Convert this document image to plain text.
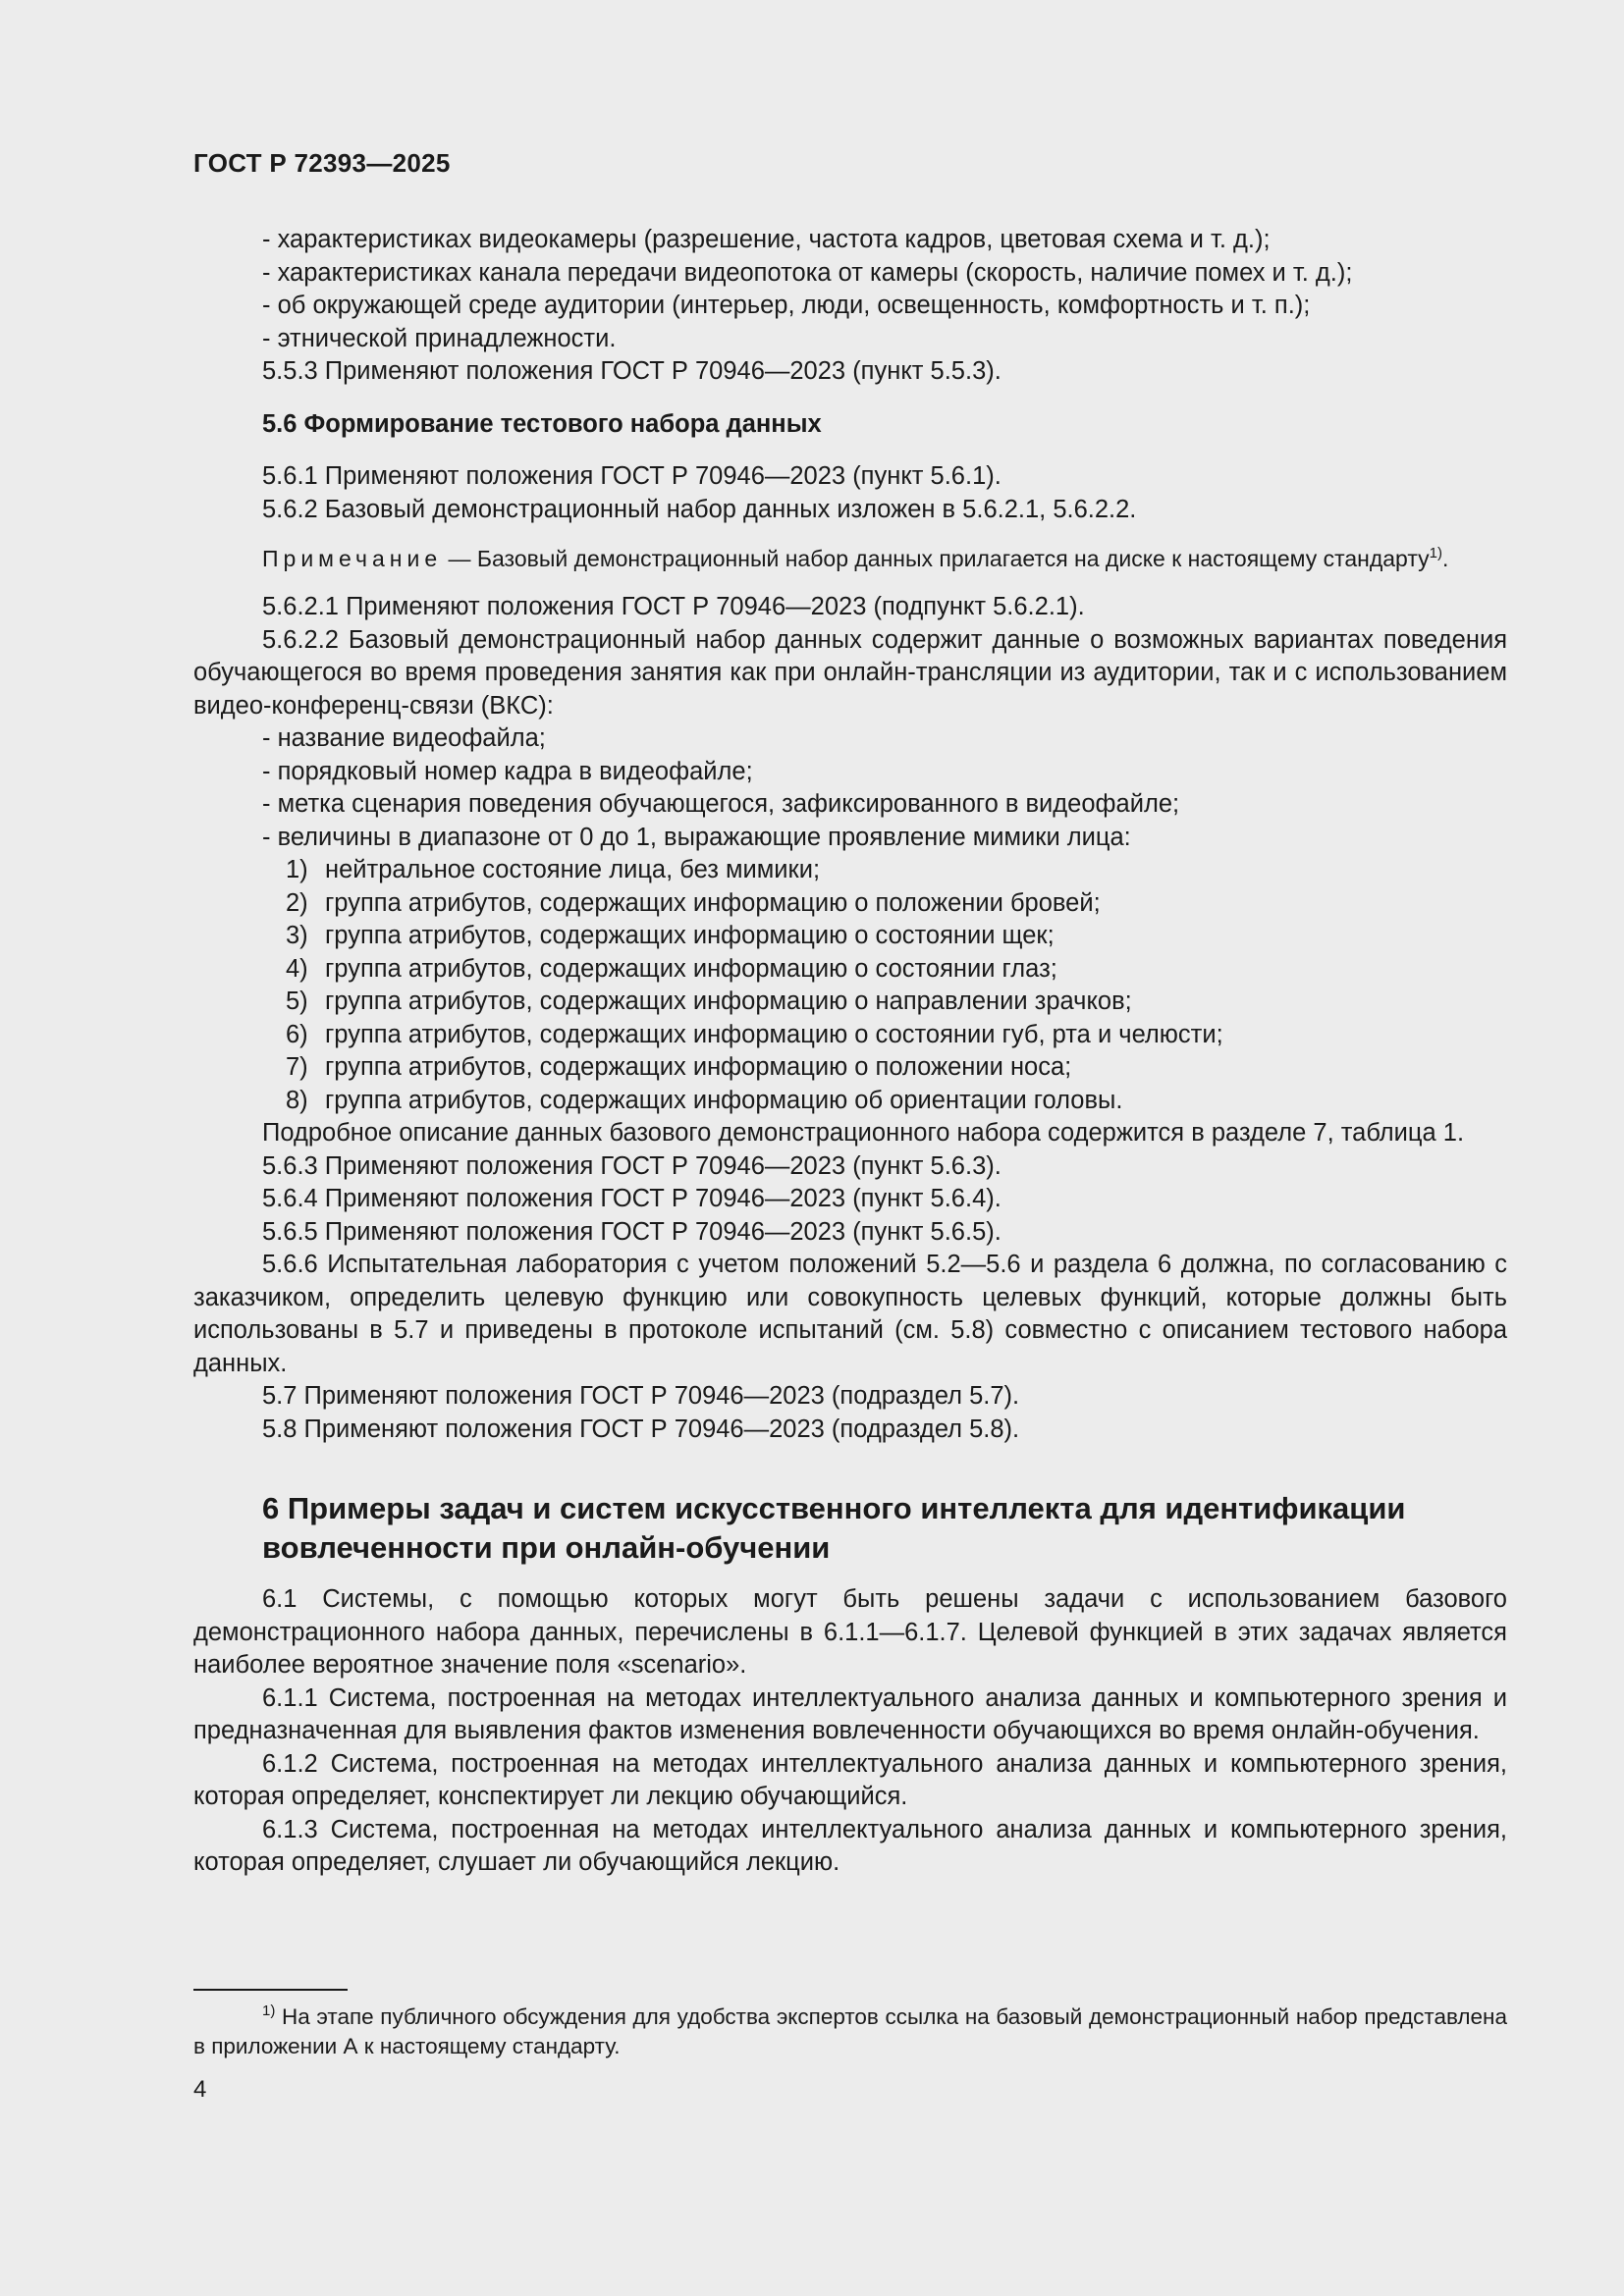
ГОСТ Р 72393—2025

- характеристиках видеокамеры (разрешение, частота кадров, цветовая схема и т. д.);

- характеристиках канала передачи видеопотока от камеры (скорость, наличие помех и т. д.);

- об окружающей среде аудитории (интерьер, люди, освещенность, комфортность и т. п.);

- этнической принадлежности.

5.5.3 Применяют положения ГОСТ Р 70946—2023 (пункт 5.5.3).

5.6 Формирование тестового набора данных

5.6.1 Применяют положения ГОСТ Р 70946—2023 (пункт 5.6.1).

5.6.2 Базовый демонстрационный набор данных изложен в 5.6.2.1, 5.6.2.2.

Примечание — Базовый демонстрационный набор данных прилагается на диске к настоящему стандарту$^{1)}$.

5.6.2.1 Применяют положения ГОСТ Р 70946—2023 (подпункт 5.6.2.1).

5.6.2.2 Базовый демонстрационный набор данных содержит данные о возможных вариантах поведения обучающегося во время проведения занятия как при онлайн-трансляции из аудитории, так и с использованием видео-конференц-связи (ВКС):

- название видеофайла;

- порядковый номер кадра в видеофайле;

- метка сценария поведения обучающегося, зафиксированного в видеофайле;

- величины в диапазоне от 0 до 1, выражающие проявление мимики лица:

1) нейтральное состояние лица, без мимики;

2) группа атрибутов, содержащих информацию о положении бровей;

3) группа атрибутов, содержащих информацию о состоянии щек;

4) группа атрибутов, содержащих информацию о состоянии глаз;

5) группа атрибутов, содержащих информацию о направлении зрачков;

6) группа атрибутов, содержащих информацию о состоянии губ, рта и челюсти;

7) группа атрибутов, содержащих информацию о положении носа;

8) группа атрибутов, содержащих информацию об ориентации головы.

Подробное описание данных базового демонстрационного набора содержится в разделе 7, таблица 1.

5.6.3 Применяют положения ГОСТ Р 70946—2023 (пункт 5.6.3).

5.6.4 Применяют положения ГОСТ Р 70946—2023 (пункт 5.6.4).

5.6.5 Применяют положения ГОСТ Р 70946—2023 (пункт 5.6.5).

5.6.6 Испытательная лаборатория с учетом положений 5.2—5.6 и раздела 6 должна, по согласованию с заказчиком, определить целевую функцию или совокупность целевых функций, которые должны быть использованы в 5.7 и приведены в протоколе испытаний (см. 5.8) совместно с описанием тестового набора данных.

5.7 Применяют положения ГОСТ Р 70946—2023 (подраздел 5.7).

5.8 Применяют положения ГОСТ Р 70946—2023 (подраздел 5.8).

6 Примеры задач и систем искусственного интеллекта для идентификации вовлеченности при онлайн-обучении

6.1 Системы, с помощью которых могут быть решены задачи с использованием базового демонстрационного набора данных, перечислены в 6.1.1—6.1.7. Целевой функцией в этих задачах является наиболее вероятное значение поля «scenario».

6.1.1 Система, построенная на методах интеллектуального анализа данных и компьютерного зрения и предназначенная для выявления фактов изменения вовлеченности обучающихся во время онлайн-обучения.

6.1.2 Система, построенная на методах интеллектуального анализа данных и компьютерного зрения, которая определяет, конспектирует ли лекцию обучающийся.

6.1.3 Система, построенная на методах интеллектуального анализа данных и компьютерного зрения, которая определяет, слушает ли обучающийся лекцию.

$^{1)}$ На этапе публичного обсуждения для удобства экспертов ссылка на базовый демонстрационный набор представлена в приложении А к настоящему стандарту.

4
